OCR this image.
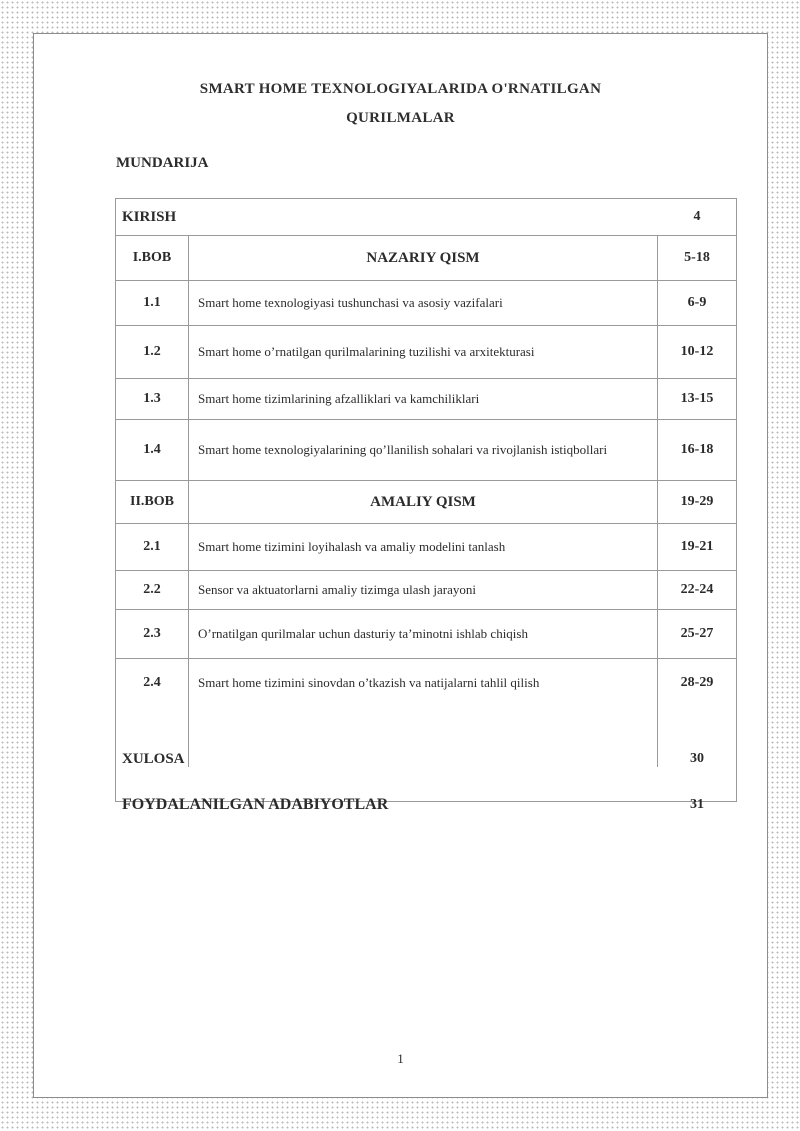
SMART HOME TEXNOLOGIYALARIDA O'RNATILGAN
QURILMALAR
MUNDARIJA
KIRISH	4
I.BOB	NAZARIY QISM	5-18
1.1	Smart home texnologiyasi tushunchasi va asosiy vazifalari	6-9
1.2	Smart home o’rnatilgan qurilmalarining tuzilishi va arxitekturasi	10-12
1.3	Smart home tizimlarining afzalliklari va kamchiliklari	13-15
1.4	Smart home texnologiyalarining qo’llanilish sohalari va rivojlanish istiqbollari	16-18
II.BOB	AMALIY QISM	19-29
2.1	Smart home tizimini loyihalash va amaliy modelini tanlash	19-21
2.2	Sensor va aktuatorlarni amaliy tizimga ulash jarayoni	22-24
2.3	O’rnatilgan qurilmalar uchun dasturiy ta’minotni ishlab chiqish	25-27
2.4	Smart home tizimini sinovdan o’tkazish va natijalarni tahlil qilish	28-29
XULOSA	30
FOYDALANILGAN ADABIYOTLAR	31
1
